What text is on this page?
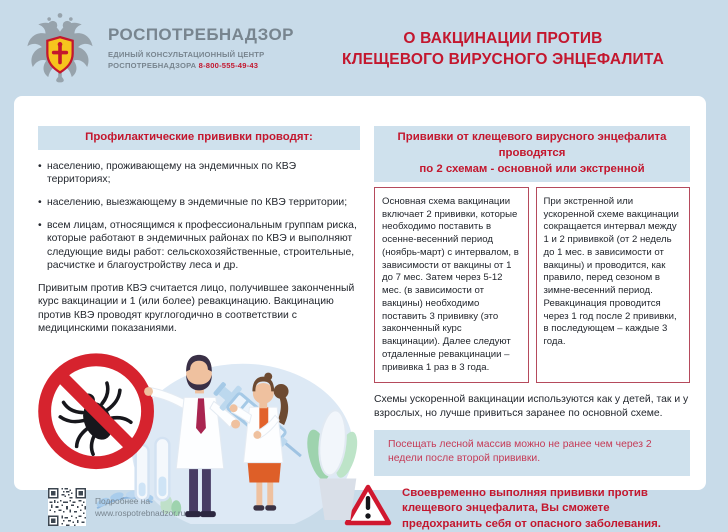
РОСПОТРЕБНАДЗОР
ЕДИНЫЙ КОНСУЛЬТАЦИОННЫЙ ЦЕНТР
РОСПОТРЕБНАДЗОРА 8-800-555-49-43
О ВАКЦИНАЦИИ ПРОТИВ
КЛЕЩЕВОГО ВИРУСНОГО ЭНЦЕФАЛИТА
Профилактические прививки проводят:
• населению, проживающему на эндемичных по КВЭ территориях;
• населению, выезжающему в эндемичные по КВЭ территории;
• всем лицам, относящимся к профессиональным группам риска, которые работают в эндемичных районах по КВЭ и выполняют следующие виды работ: сельскохозяйственные, строительные, расчистке и благоустройству леса и др.

Привитым против КВЭ считается лицо, получившее законченный курс вакцинации и 1 (или более) ревакцинацию. Вакцинацию против КВЭ проводят круглогодично в соответствии с медицинскими показаниями.

Подробнее на
www.rospotrebnadzor.ru
Прививки от клещевого вирусного энцефалита проводятся
по 2 схемам - основной или экстренной
Основная схема вакцинации включает 2 прививки, которые необходимо поставить в осенне-весенний период (ноябрь-март) с интервалом, в зависимости от вакцины от 1 до 7 мес. Затем через 5-12 мес. (в зависимости от вакцины) необходимо поставить 3 прививку (это законченный курс вакцинации). Далее следуют отдаленные ревакцинации – прививка 1 раз в 3 года.
При экстренной или ускоренной схеме вакцинации сокращается интервал между 1 и 2 прививкой (от 2 недель до 1 мес. в зависимости от вакцины) и проводится, как правило, перед сезоном в зимне-весенний период. Ревакцинация проводится через 1 год после 2 прививки, в последующем – каждые 3 года.

Схемы ускоренной вакцинации используются как у детей, так и у взрослых, но лучше привиться заранее по основной схеме.

Посещать лесной массив можно не ранее чем через 2 недели после второй прививки.
Своевременно выполняя прививки против клещевого энцефалита, Вы сможете предохранить себя от опасного заболевания.
